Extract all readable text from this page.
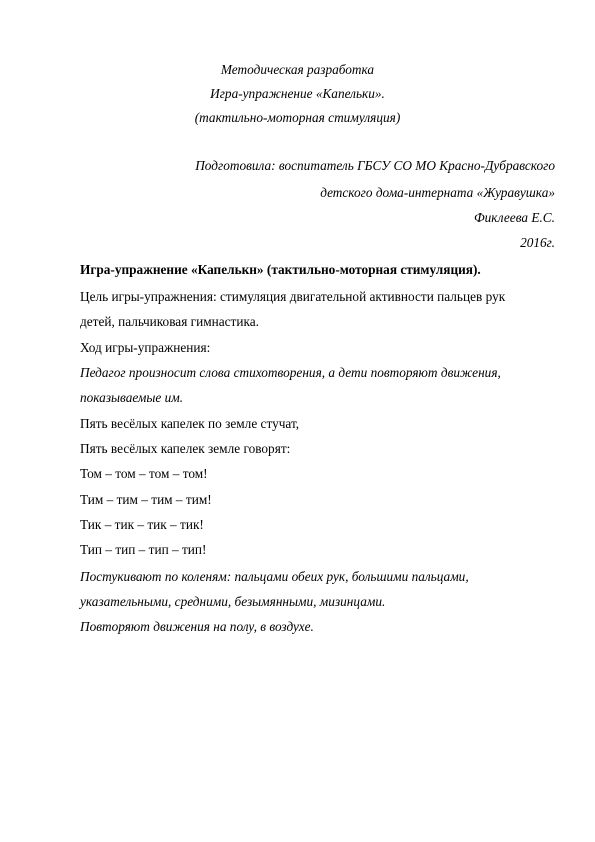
Методическая разработка
Игра-упражнение «Капельки».
(тактильно-моторная стимуляция)
Подготовила: воспитатель ГБСУ СО МО Красно-Дубравского
детского дома-интерната «Журавушка»
Фиклеева Е.С.
2016г.
Игра-упражнение «Капелькн» (тактильно-моторная стимуляция).
Цель игры-упражнения: стимуляция двигательной активности пальцев рук
детей, пальчиковая гимнастика.
Ход игры-упражнения:
Педагог произносит слова стихотворения, а дети повторяют движения,
показываемые им.
Пять весёлых капелек по земле стучат,
Пять весёлых капелек земле говорят:
Том – том – том – том!
Тим – тим – тим – тим!
Тик – тик – тик – тик!
Тип – тип – тип – тип!
Постукивают по коленям: пальцами обеих рук, большими пальцами,
указательными, средними, безымянными, мизинцами.
Повторяют движения на полу, в воздухе.
